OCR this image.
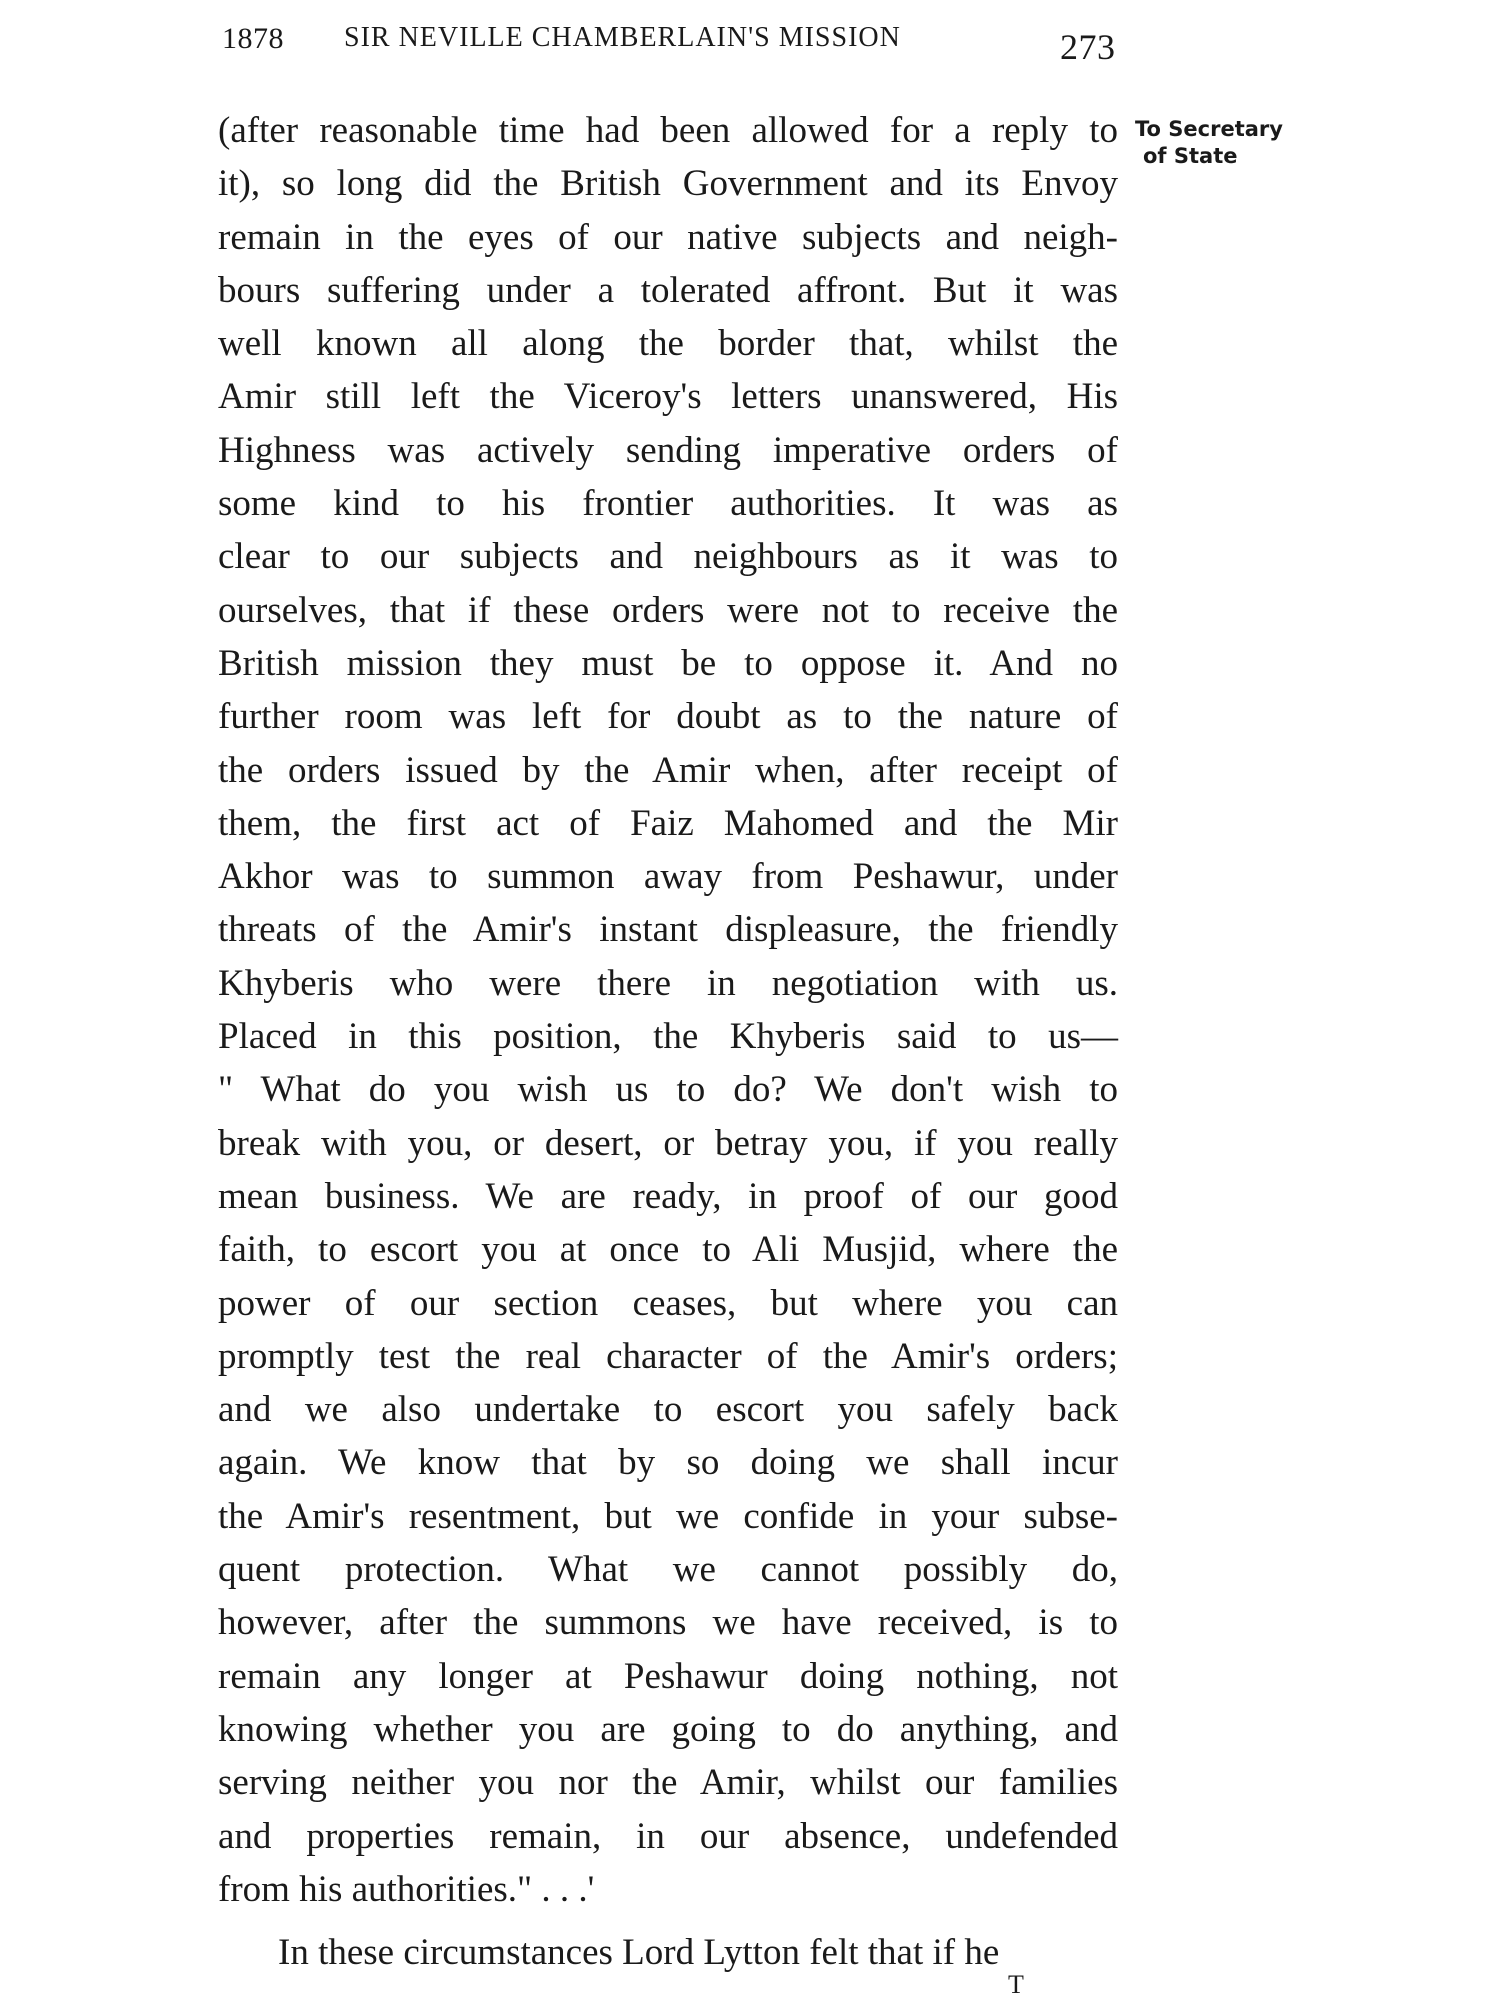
1878 SIR NEVILLE CHAMBERLAIN'S MISSION	273
To Secretary
of State
(after reasonable time had been allowed for a reply to
it), so long did the British Government and its Envoy
remain in the eyes of our native subjects and neigh-
bours suffering under a tolerated affront. But it was
well known all along the border that, whilst the
Amir still left the Viceroy's letters unanswered, His
Highness was actively sending imperative orders of
some kind to his frontier authorities. It was as
clear to our subjects and neighbours as it was to
ourselves, that if these orders were not to receive the
British mission they must be to oppose it. And no
further room was left for doubt as to the nature of
the orders issued by the Amir when, after receipt of
them, the first act of Faiz Mahomed and the Mir
Akhor was to summon away from Peshawur, under
threats of the Amir's instant displeasure, the friendly
Khyberis who were there in negotiation with us.
Placed in this position, the Khyberis said to us—
" What do you wish us to do? We don't wish to
break with you, or desert, or betray you, if you really
mean business. We are ready, in proof of our good
faith, to escort you at once to Ali Musjid, where the
power of our section ceases, but where you can
promptly test the real character of the Amir's orders;
and we also undertake to escort you safely back
again. We know that by so doing we shall incur
the Amir's resentment, but we confide in your subse-
quent protection. What we cannot possibly do,
however, after the summons we have received, is to
remain any longer at Peshawur doing nothing, not
knowing whether you are going to do anything, and
serving neither you nor the Amir, whilst our families
and properties remain, in our absence, undefended
from his authorities." . . .'
In these circumstances Lord Lytton felt that if he
T
